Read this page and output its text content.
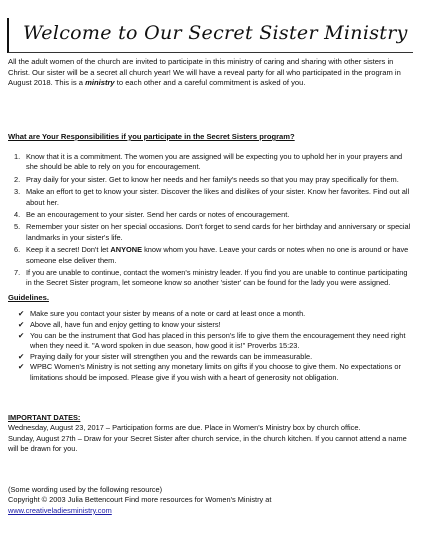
Welcome to Our Secret Sister Ministry
All the adult women of the church are invited to participate in this ministry of caring and sharing with other sisters in Christ. Our sister will be a secret all church year! We will have a reveal party for all who participated in the program in August 2018. This is a ministry to each other and a careful commitment is asked of you.
What are Your Responsibilities if you participate in the Secret Sisters program?
1. Know that it is a commitment. The women you are assigned will be expecting you to uphold her in your prayers and she should be able to rely on you for encouragement.
2. Pray daily for your sister. Get to know her needs and her family's needs so that you may pray specifically for them.
3. Make an effort to get to know your sister. Discover the likes and dislikes of your sister. Know her favorites. Find out all about her.
4. Be an encouragement to your sister. Send her cards or notes of encouragement.
5. Remember your sister on her special occasions. Don't forget to send cards for her birthday and anniversary or special landmarks in your sister's life.
6. Keep it a secret! Don't let ANYONE know whom you have. Leave your cards or notes when no one is around or have someone else deliver them.
7. If you are unable to continue, contact the women's ministry leader. If you find you are unable to continue participating in the Secret Sister program, let someone know so another 'sister' can be found for the lady you were assigned.
Guidelines.
✔ Make sure you contact your sister by means of a note or card at least once a month.
✔ Above all, have fun and enjoy getting to know your sisters!
✔ You can be the instrument that God has placed in this person's life to give them the encouragement they need right when they need it. "A word spoken in due season, how good it is!" Proverbs 15:23.
✔ Praying daily for your sister will strengthen you and the rewards can be immeasurable.
✔ WPBC Women's Ministry is not setting any monetary limits on gifts if you choose to give them. No expectations or limitations should be imposed. Please give if you wish with a heart of generosity not obligation.

IMPORTANT DATES:

Wednesday, August 23, 2017 – Participation forms are due. Place in Women's Ministry box by church office.

Sunday, August 27th – Draw for your Secret Sister after church service, in the church kitchen. If you cannot attend a name will be drawn for you.

(Some wording used by the following resource)

Copyright © 2003 Julia Bettencourt Find more resources for Women's Ministry at

www.creativeladiesministry.com
